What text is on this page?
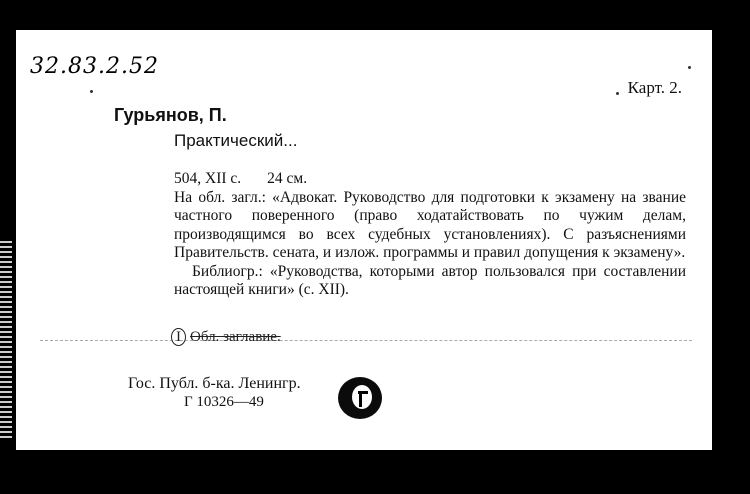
32.83.2.52
Карт. 2.
Гурьянов, П.
Практический...

504, XII с. 24 см.

На обл. загл.: «Адвокат. Руководство для подготовки к экзамену на звание частного поверенного (право ходатайствовать по чужим делам, производящимся во всех судебных установлениях). С разъяснениями Правительств. сената, и излож. программы и правил допущения к экзамену».

Библиогр.: «Руководства, которыми автор пользовался при составлении настоящей книги» (с. XII).

I Обл. заглавие.
Гос. Публ. б-ка. Ленингр.
Г 10326—49
